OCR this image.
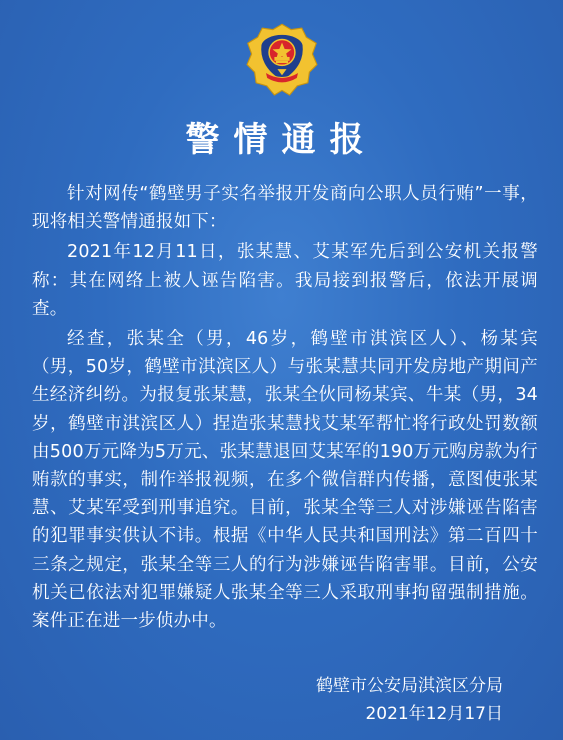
警情通报

针对网传“鹤壁男子实名举报开发商向公职人员行贿”一事，现将相关警情通报如下：

2021年12月11日，张某慧、艾某军先后到公安机关报警称：其在网络上被人诬告陷害。我局接到报警后，依法开展调查。

经查，张某全（男，46岁，鹤壁市淇滨区人）、杨某宾（男，50岁，鹤壁市淇滨区人）与张某慧共同开发房地产期间产生经济纠纷。为报复张某慧，张某全伙同杨某宾、牛某（男，34岁，鹤壁市淇滨区人）捏造张某慧找艾某军帮忙将行政处罚数额由500万元降为5万元、张某慧退回艾某军的190万元购房款为行贿款的事实，制作举报视频，在多个微信群内传播，意图使张某慧、艾某军受到刑事追究。目前，张某全等三人对涉嫌诬告陷害的犯罪事实供认不讳。根据《中华人民共和国刑法》第二百四十三条之规定，张某全等三人的行为涉嫌诬告陷害罪。目前，公安机关已依法对犯罪嫌疑人张某全等三人采取刑事拘留强制措施。案件正在进一步侦办中。

鹤壁市公安局淇滨区分局
2021年12月17日
